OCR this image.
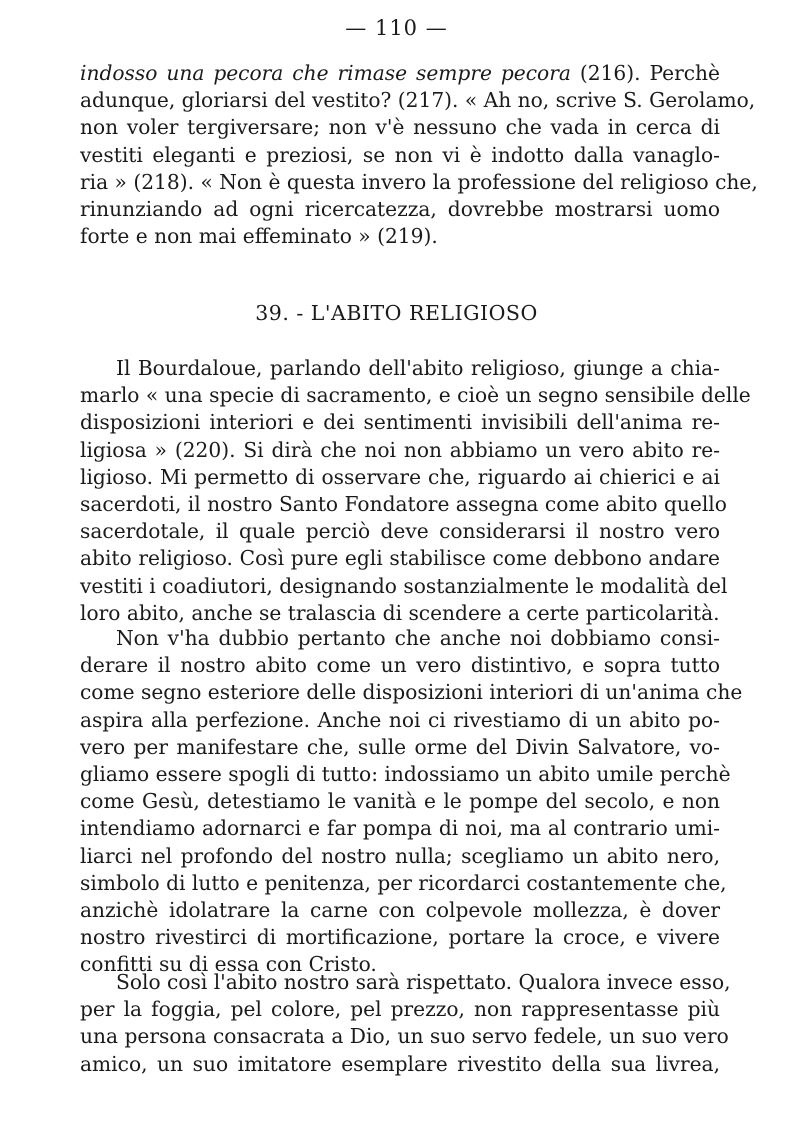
— 110 —
indosso una pecora che rimase sempre pecora (216). Perchè
adunque, gloriarsi del vestito? (217). « Ah no, scrive S. Gerolamo,
non voler tergiversare; non v'è nessuno che vada in cerca di
vestiti eleganti e preziosi, se non vi è indotto dalla vanaglo-
ria » (218). « Non è questa invero la professione del religioso che,
rinunziando ad ogni ricercatezza, dovrebbe mostrarsi uomo
forte e non mai effeminato » (219).
39. - L'ABITO RELIGIOSO
Il Bourdaloue, parlando dell'abito religioso, giunge a chia-
marlo « una specie di sacramento, e cioè un segno sensibile delle
disposizioni interiori e dei sentimenti invisibili dell'anima re-
ligiosa » (220). Si dirà che noi non abbiamo un vero abito re-
ligioso. Mi permetto di osservare che, riguardo ai chierici e ai
sacerdoti, il nostro Santo Fondatore assegna come abito quello
sacerdotale, il quale perciò deve considerarsi il nostro vero
abito religioso. Così pure egli stabilisce come debbono andare
vestiti i coadiutori, designando sostanzialmente le modalità del
loro abito, anche se tralascia di scendere a certe particolarità.
Non v'ha dubbio pertanto che anche noi dobbiamo consi-
derare il nostro abito come un vero distintivo, e sopra tutto
come segno esteriore delle disposizioni interiori di un'anima che
aspira alla perfezione. Anche noi ci rivestiamo di un abito po-
vero per manifestare che, sulle orme del Divin Salvatore, vo-
gliamo essere spogli di tutto: indossiamo un abito umile perchè
come Gesù, detestiamo le vanità e le pompe del secolo, e non
intendiamo adornarci e far pompa di noi, ma al contrario umi-
liarci nel profondo del nostro nulla; scegliamo un abito nero,
simbolo di lutto e penitenza, per ricordarci costantemente che,
anzichè idolatrare la carne con colpevole mollezza, è dover
nostro rivestirci di mortificazione, portare la croce, e vivere
confitti su di essa con Cristo.
Solo così l'abito nostro sarà rispettato. Qualora invece esso,
per la foggia, pel colore, pel prezzo, non rappresentasse più
una persona consacrata a Dio, un suo servo fedele, un suo vero
amico, un suo imitatore esemplare rivestito della sua livrea,
